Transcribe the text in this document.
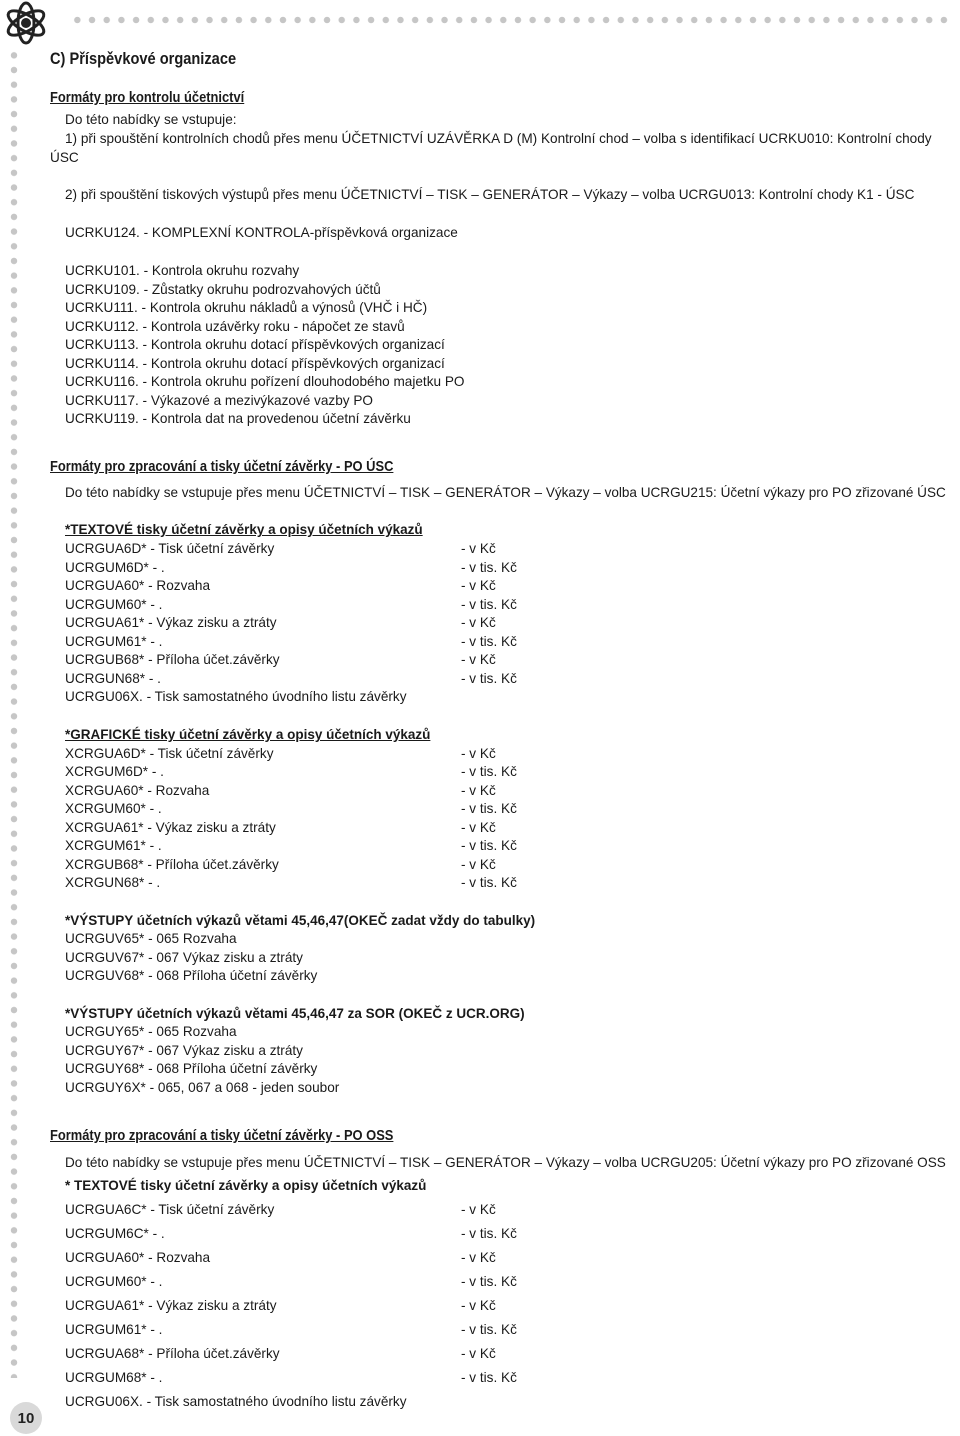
10
C) Příspěvkové organizace
Formáty pro kontrolu účetnictví
Do této nabídky se vstupuje:
1) při spouštění kontrolních chodů přes menu ÚČETNICTVÍ UZÁVĚRKA D (M) Kontrolní chod – volba s identifikací UCRKU010: Kontrolní chody
ÚSC
2) při spouštění tiskových výstupů přes menu ÚČETNICTVÍ – TISK – GENERÁTOR – Výkazy – volba UCRGU013: Kontrolní chody K1 - ÚSC
UCRKU124. - KOMPLEXNÍ KONTROLA-příspěvková organizace
UCRKU101. - Kontrola okruhu rozvahy
UCRKU109. - Zůstatky okruhu podrozvahových účtů
UCRKU111. - Kontrola okruhu nákladů a výnosů (VHČ i HČ)
UCRKU112. - Kontrola uzávěrky roku - nápočet ze stavů
UCRKU113. - Kontrola okruhu dotací příspěvkových organizací
UCRKU114. - Kontrola okruhu dotací příspěvkových organizací
UCRKU116. - Kontrola okruhu pořízení dlouhodobého majetku PO
UCRKU117. - Výkazové a mezivýkazové vazby PO
UCRKU119. - Kontrola dat na provedenou účetní závěrku
Formáty pro zpracování a tisky účetní závěrky - PO ÚSC
Do této nabídky se vstupuje přes menu ÚČETNICTVÍ – TISK – GENERÁTOR – Výkazy – volba UCRGU215: Účetní výkazy pro PO zřizované ÚSC
*TEXTOVÉ tisky účetní závěrky a opisy účetních výkazů
UCRGUA6D* - Tisk účetní závěrky	- v Kč
UCRGUM6D* - .	- v tis. Kč
UCRGUA60* - Rozvaha	- v Kč
UCRGUM60* - .	- v tis. Kč
UCRGUA61* - Výkaz zisku a ztráty	- v Kč
UCRGUM61* - .	- v tis. Kč
UCRGUB68* - Příloha účet.závěrky	- v Kč
UCRGUN68* - .	- v tis. Kč
UCRGU06X. - Tisk samostatného úvodního listu závěrky
*GRAFICKÉ tisky účetní závěrky a opisy účetních výkazů
XCRGUA6D* - Tisk účetní závěrky	- v Kč
XCRGUM6D* - .	- v tis. Kč
XCRGUA60* - Rozvaha	- v Kč
XCRGUM60* - .	- v tis. Kč
XCRGUA61* - Výkaz zisku a ztráty	- v Kč
XCRGUM61* - .	- v tis. Kč
XCRGUB68* - Příloha účet.závěrky	- v Kč
XCRGUN68* - .	- v tis. Kč
*VÝSTUPY účetních výkazů větami 45,46,47(OKEČ zadat vždy do tabulky)
UCRGUV65* - 065 Rozvaha
UCRGUV67* - 067 Výkaz zisku a ztráty
UCRGUV68* - 068 Příloha účetní závěrky
*VÝSTUPY účetních výkazů větami 45,46,47 za SOR (OKEČ z UCR.ORG)
UCRGUY65* - 065 Rozvaha
UCRGUY67* - 067 Výkaz zisku a ztráty
UCRGUY68* - 068 Příloha účetní závěrky
UCRGUY6X* - 065, 067 a 068 - jeden soubor
Formáty pro zpracování a tisky účetní závěrky - PO OSS
Do této nabídky se vstupuje přes menu ÚČETNICTVÍ – TISK – GENERÁTOR – Výkazy – volba UCRGU205: Účetní výkazy pro PO zřizované OSS
* TEXTOVÉ tisky účetní závěrky a opisy účetních výkazů
UCRGUA6C* - Tisk účetní závěrky	- v Kč
UCRGUM6C* - .	- v tis. Kč
UCRGUA60* - Rozvaha	- v Kč
UCRGUM60* - .	- v tis. Kč
UCRGUA61* - Výkaz zisku a ztráty	- v Kč
UCRGUM61* - .	- v tis. Kč
UCRGUA68* - Příloha účet.závěrky	- v Kč
UCRGUM68* - .	- v tis. Kč
UCRGU06X. - Tisk samostatného úvodního listu závěrky
